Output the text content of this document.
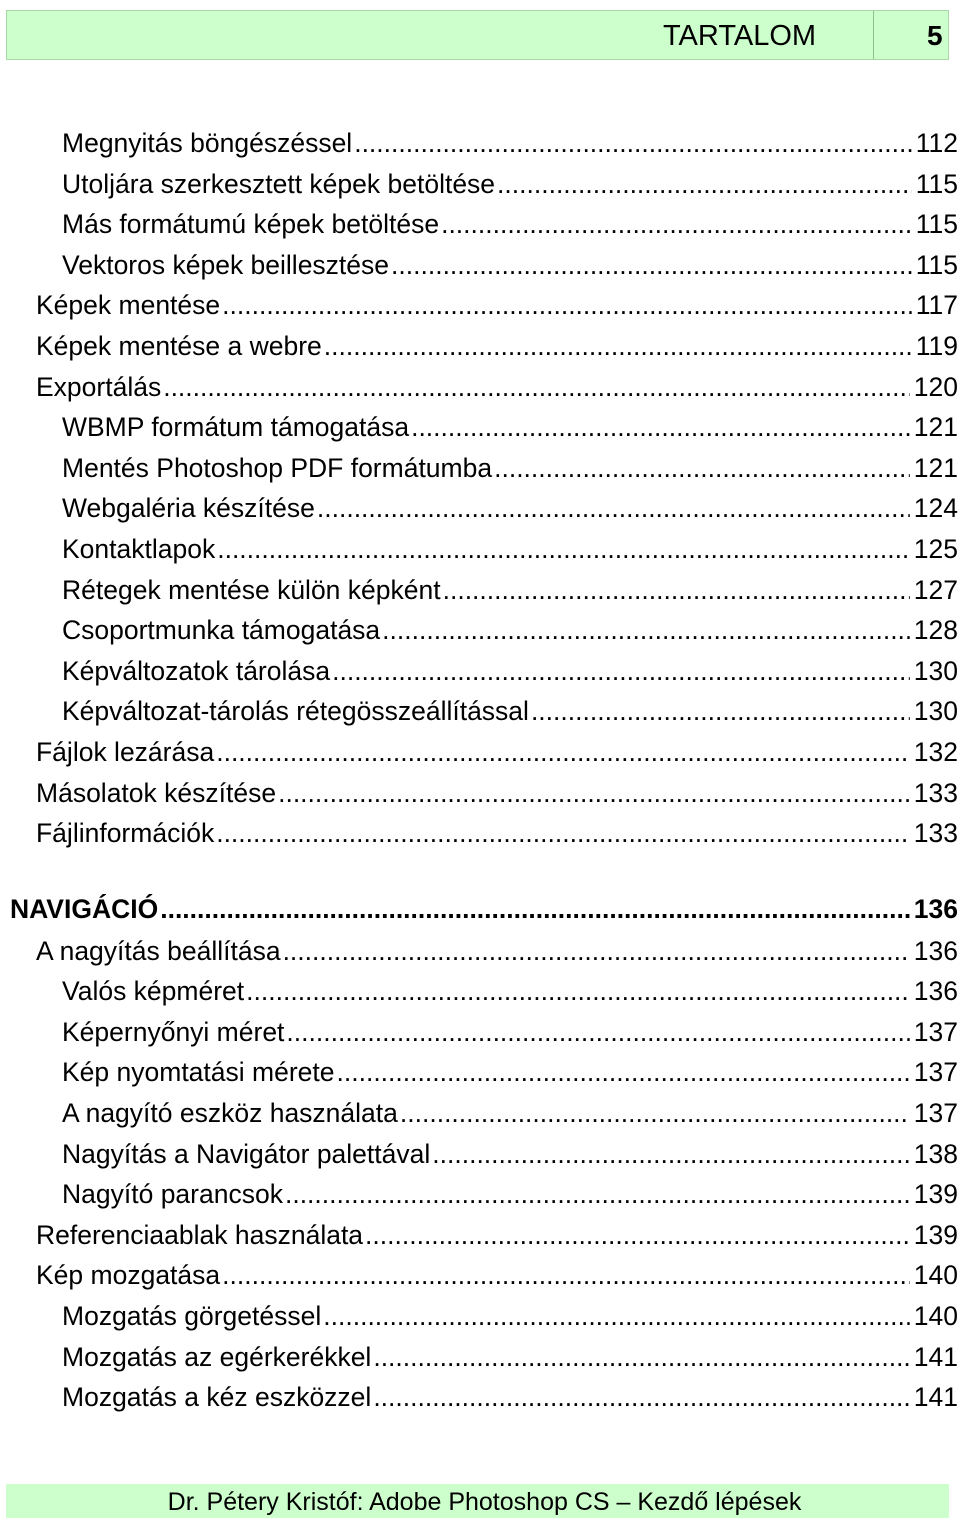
TARTALOM	5
Megnyitás böngészéssel .....	112
Utoljára szerkesztett képek betöltése .....	115
Más formátumú képek betöltése .....	115
Vektoros képek beillesztése .....	115
Képek mentése .....	117
Képek mentése a webre .....	119
Exportálás .....	120
WBMP formátum támogatása .....	121
Mentés Photoshop PDF formátumba .....	121
Webgaléria készítése .....	124
Kontaktlapok .....	125
Rétegek mentése külön képként .....	127
Csoportmunka támogatása .....	128
Képváltozatok tárolása .....	130
Képváltozat-tárolás rétegösszeállítással .....	130
Fájlok lezárása .....	132
Másolatok készítése .....	133
Fájlinformációk .....	133
NAVIGÁCIÓ .....	136
A nagyítás beállítása .....	136
Valós képméret .....	136
Képernyőnyi méret .....	137
Kép nyomtatási mérete .....	137
A nagyító eszköz használata .....	137
Nagyítás a Navigátor palettával .....	138
Nagyító parancsok .....	139
Referenciaablak használata .....	139
Kép mozgatása .....	140
Mozgatás görgetéssel .....	140
Mozgatás az egérkerékkel .....	141
Mozgatás a kéz eszközzel .....	141
Dr. Pétery Kristóf: Adobe Photoshop CS – Kezdő lépések
